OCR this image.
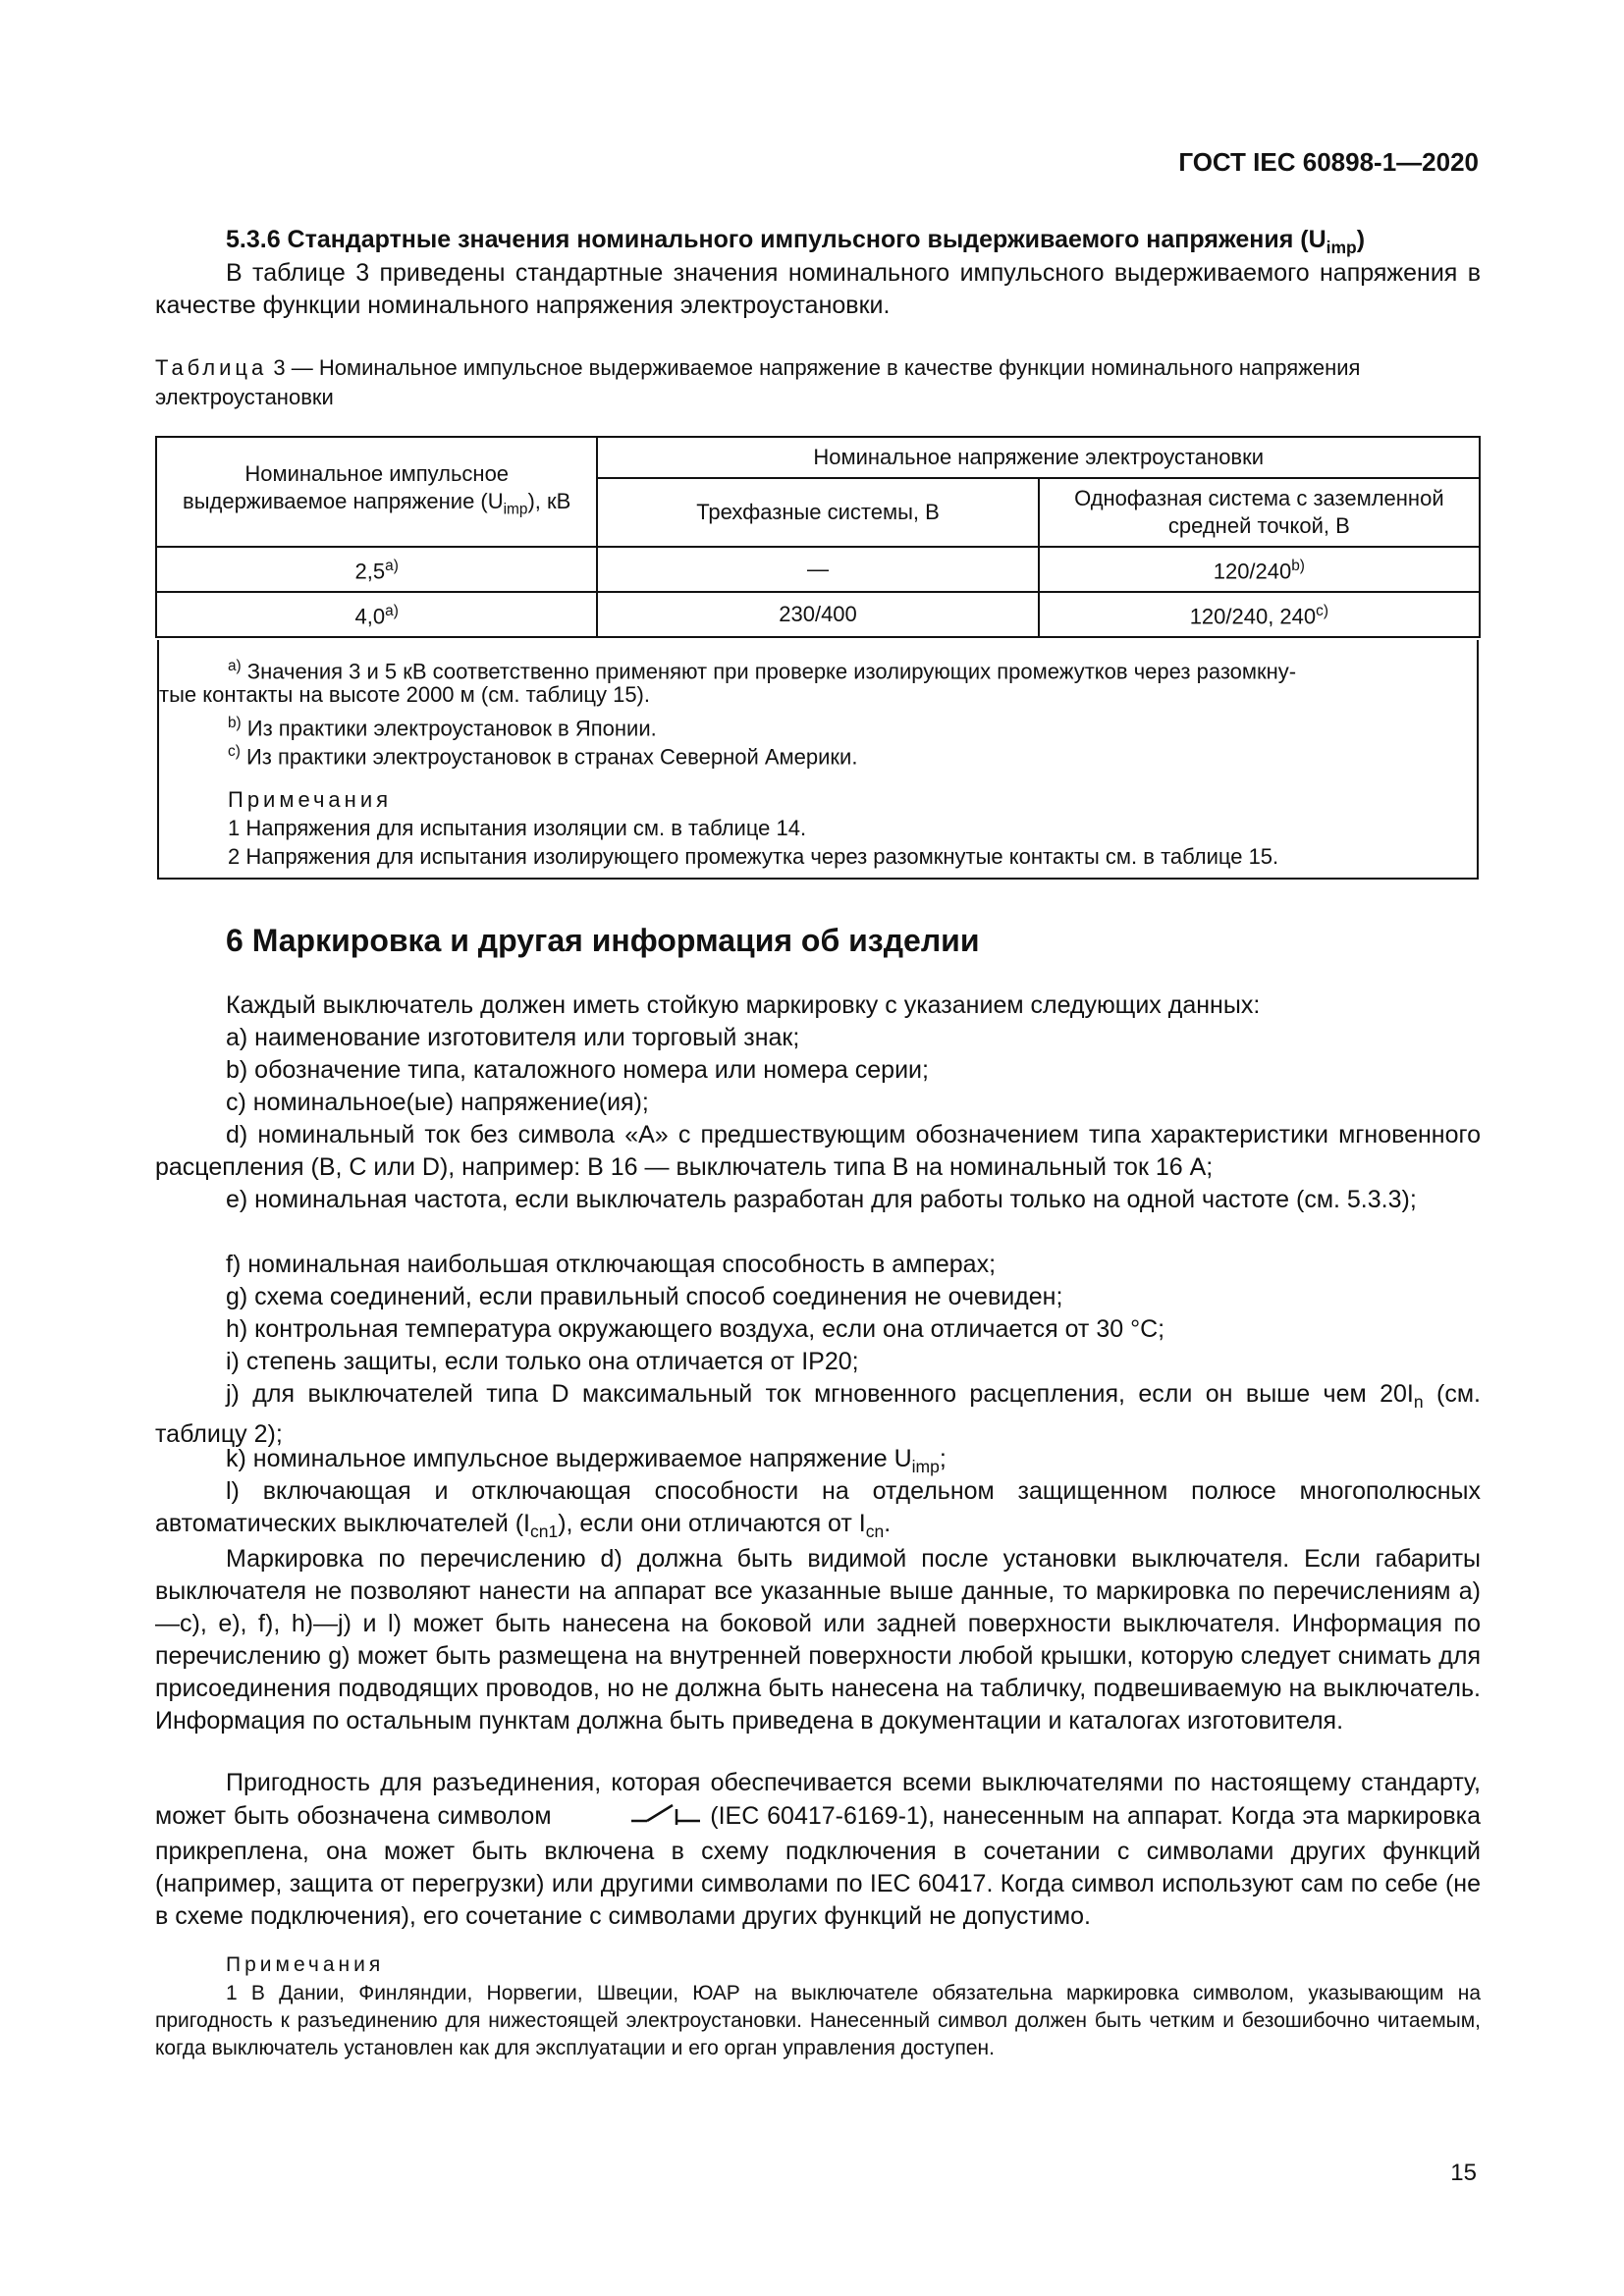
ГОСТ IEC 60898-1—2020
5.3.6 Стандартные значения номинального импульсного выдерживаемого напряжения $(U_{imp})$
В таблице 3 приведены стандартные значения номинального импульсного выдерживаемого напряжения в качестве функции номинального напряжения электроустановки.
Таблица 3 — Номинальное импульсное выдерживаемое напряжение в качестве функции номинального напряжения электроустановки
Номинальное импульсное выдерживаемое напряжение $(U_{imp})$, кВ	Номинальное напряжение электроустановки	
	Трехфазные системы, В	Однофазная система с заземленной средней точкой, В
2,5$^{a)}$	—	120/240$^{b)}$
4,0$^{a)}$	230/400	120/240, 240$^{c)}$
$^{a)}$ Значения 3 и 5 кВ соответственно применяют при проверке изолирующих промежутков через разомкну-
тые контакты на высоте 2000 м (см. таблицу 15).
$^{b)}$ Из практики электроустановок в Японии.
$^{c)}$ Из практики электроустановок в странах Северной Америки.
Примечания
1 Напряжения для испытания изоляции см. в таблице 14.
2 Напряжения для испытания изолирующего промежутка через разомкнутые контакты см. в таблице 15.
6 Маркировка и другая информация об изделии
Каждый выключатель должен иметь стойкую маркировку с указанием следующих данных:
a) наименование изготовителя или торговый знак;
b) обозначение типа, каталожного номера или номера серии;
c) номинальное(ые) напряжение(ия);
d) номинальный ток без символа «А» с предшествующим обозначением типа характеристики мгновенного расцепления (B, C или D), например: B 16 — выключатель типа B на номинальный ток 16 A;
e) номинальная частота, если выключатель разработан для работы только на одной частоте (см. 5.3.3);
f) номинальная наибольшая отключающая способность в амперах;
g) схема соединений, если правильный способ соединения не очевиден;
h) контрольная температура окружающего воздуха, если она отличается от 30 °С;
i) степень защиты, если только она отличается от IP20;
j) для выключателей типа D максимальный ток мгновенного расцепления, если он выше чем $20I_n$ (см. таблицу 2);
k) номинальное импульсное выдерживаемое напряжение $U_{imp}$;
l) включающая и отключающая способности на отдельном защищенном полюсе многополюсных автоматических выключателей $(I_{cn1})$, если они отличаются от $I_{cn}$.
Маркировка по перечислению d) должна быть видимой после установки выключателя. Если габариты выключателя не позволяют нанести на аппарат все указанные выше данные, то маркировка по перечислениям a)—c), e), f), h)—j) и l) может быть нанесена на боковой или задней поверхности выключателя. Информация по перечислению g) может быть размещена на внутренней поверхности любой крышки, которую следует снимать для присоединения подводящих проводов, но не должна быть нанесена на табличку, подвешиваемую на выключатель. Информация по остальным пунктам должна быть приведена в документации и каталогах изготовителя.
Пригодность для разъединения, которая обеспечивается всеми выключателями по настоящему стандарту, может быть обозначена символом	(IEC 60417-6169-1), нанесенным на аппарат. Когда эта маркировка прикреплена, она может быть включена в схему подключения в сочетании с символами других функций (например, защита от перегрузки) или другими символами по IEC 60417. Когда символ используют сам по себе (не в схеме подключения), его сочетание с символами других функций не допустимо.
Примечания
1 В Дании, Финляндии, Норвегии, Швеции, ЮАР на выключателе обязательна маркировка символом, указывающим на пригодность к разъединению для нижестоящей электроустановки. Нанесенный символ должен быть четким и безошибочно читаемым, когда выключатель установлен как для эксплуатации и его орган управления доступен.
15
